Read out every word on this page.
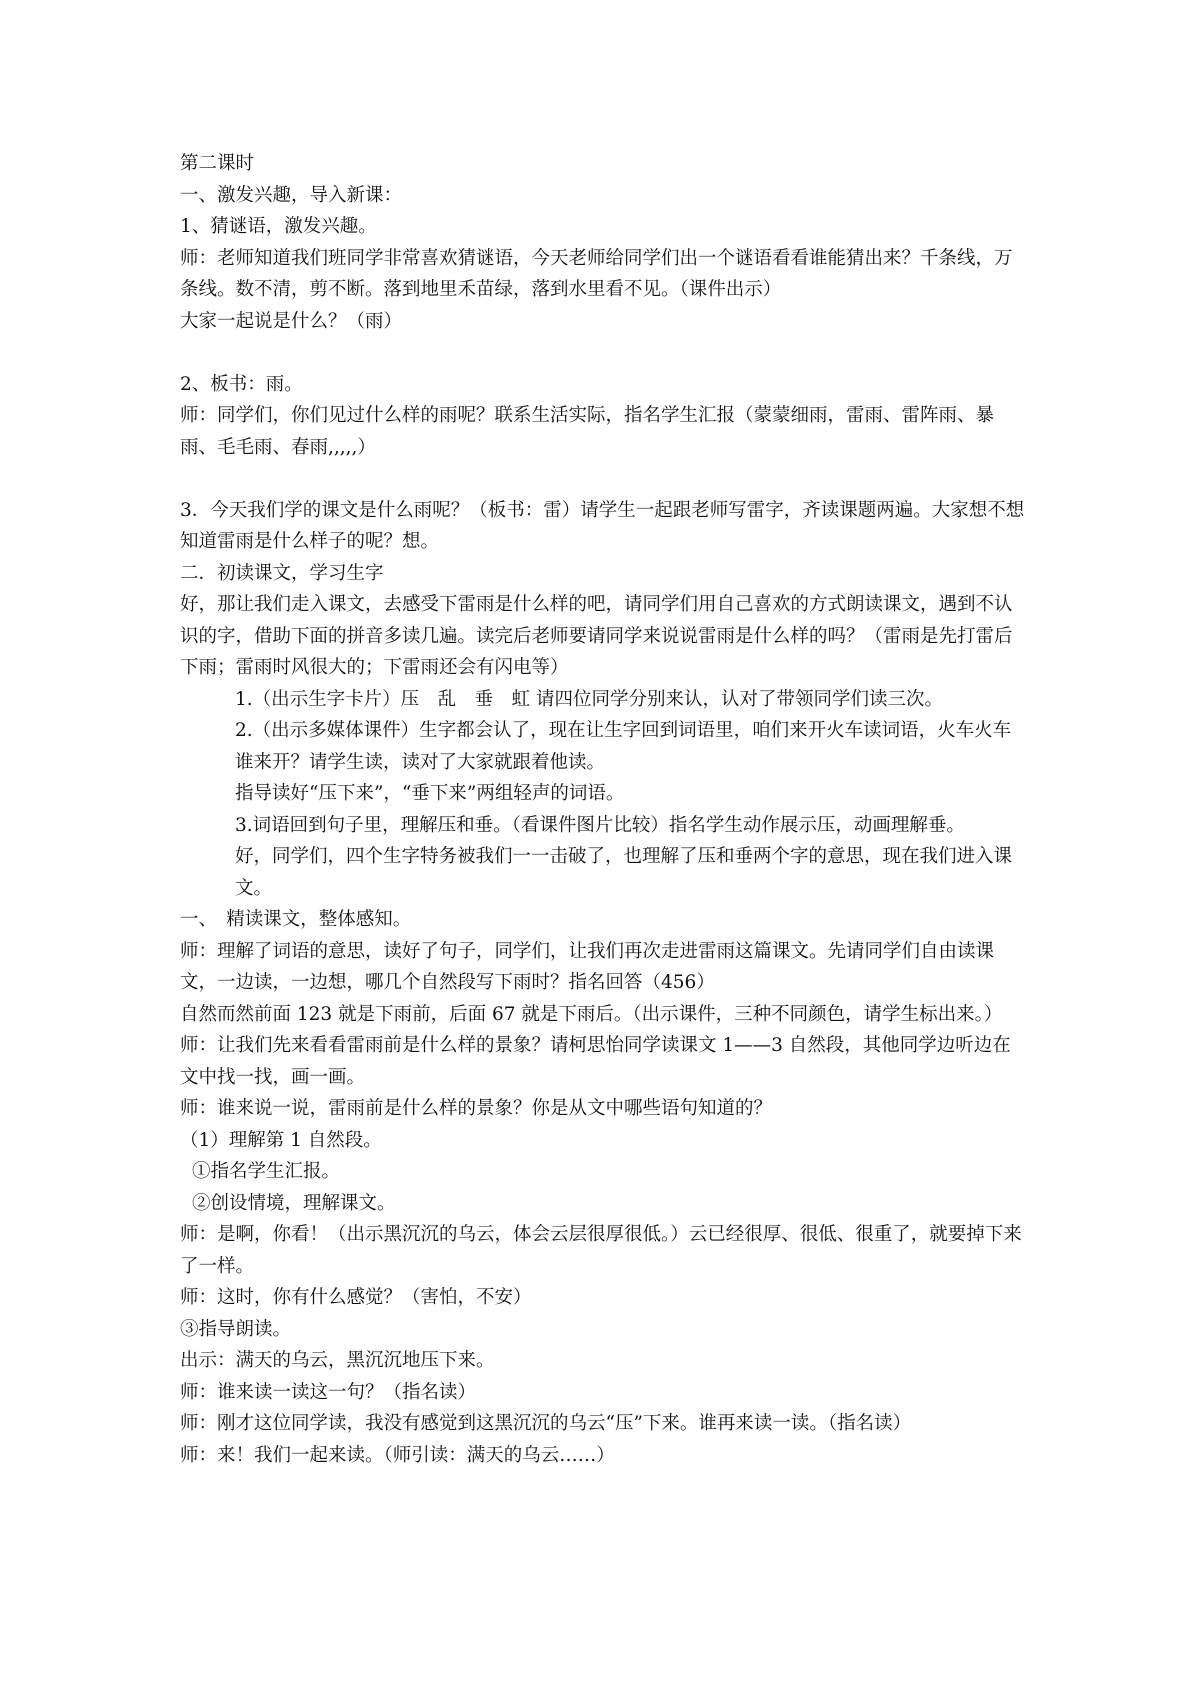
第二课时

一、激发兴趣，导入新课：

1、猜谜语，激发兴趣。

师：老师知道我们班同学非常喜欢猜谜语，今天老师给同学们出一个谜语看看谁能猜出来？千条线，万条线。数不清，剪不断。落到地里禾苗绿，落到水里看不见。（课件出示）

大家一起说是什么？（雨）

2、板书：雨。

师：同学们，你们见过什么样的雨呢？联系生活实际，指名学生汇报（蒙蒙细雨，雷雨、雷阵雨、暴雨、毛毛雨、春雨,,,,,）

3．今天我们学的课文是什么雨呢？（板书：雷）请学生一起跟老师写雷字，齐读课题两遍。大家想不想知道雷雨是什么样子的呢？想。

二．初读课文，学习生字

好，那让我们走入课文，去感受下雷雨是什么样的吧，请同学们用自己喜欢的方式朗读课文，遇到不认识的字，借助下面的拼音多读几遍。读完后老师要请同学来说说雷雨是什么样的吗？（雷雨是先打雷后下雨；雷雨时风很大的；下雷雨还会有闪电等）

1.（出示生字卡片）压　乱　垂　虹 请四位同学分别来认，认对了带领同学们读三次。

2.（出示多媒体课件）生字都会认了，现在让生字回到词语里，咱们来开火车读词语，火车火车谁来开？请学生读，读对了大家就跟着他读。

指导读好“压下来”，“垂下来”两组轻声的词语。

3.词语回到句子里，理解压和垂。（看课件图片比较）指名学生动作展示压，动画理解垂。

好，同学们，四个生字特务被我们一一击破了，也理解了压和垂两个字的意思，现在我们进入课文。

一、　精读课文，整体感知。

师：理解了词语的意思，读好了句子，同学们，让我们再次走进雷雨这篇课文。先请同学们自由读课文，一边读，一边想，哪几个自然段写下雨时？指名回答（456）

自然而然前面 123 就是下雨前，后面 67 就是下雨后。（出示课件，三种不同颜色，请学生标出来。）

师：让我们先来看看雷雨前是什么样的景象？请柯思怡同学读课文 1——3 自然段，其他同学边听边在文中找一找，画一画。

师：谁来说一说，雷雨前是什么样的景象？你是从文中哪些语句知道的？

（1）理解第 1 自然段。

①指名学生汇报。

②创设情境，理解课文。

师：是啊，你看！（出示黑沉沉的乌云，体会云层很厚很低。）云已经很厚、很低、很重了，就要掉下来了一样。

师：这时，你有什么感觉？（害怕，不安）

③指导朗读。

出示：满天的乌云，黑沉沉地压下来。

师：谁来读一读这一句？（指名读）

师：刚才这位同学读，我没有感觉到这黑沉沉的乌云“压”下来。谁再来读一读。（指名读）

师：来！我们一起来读。（师引读：满天的乌云……）
